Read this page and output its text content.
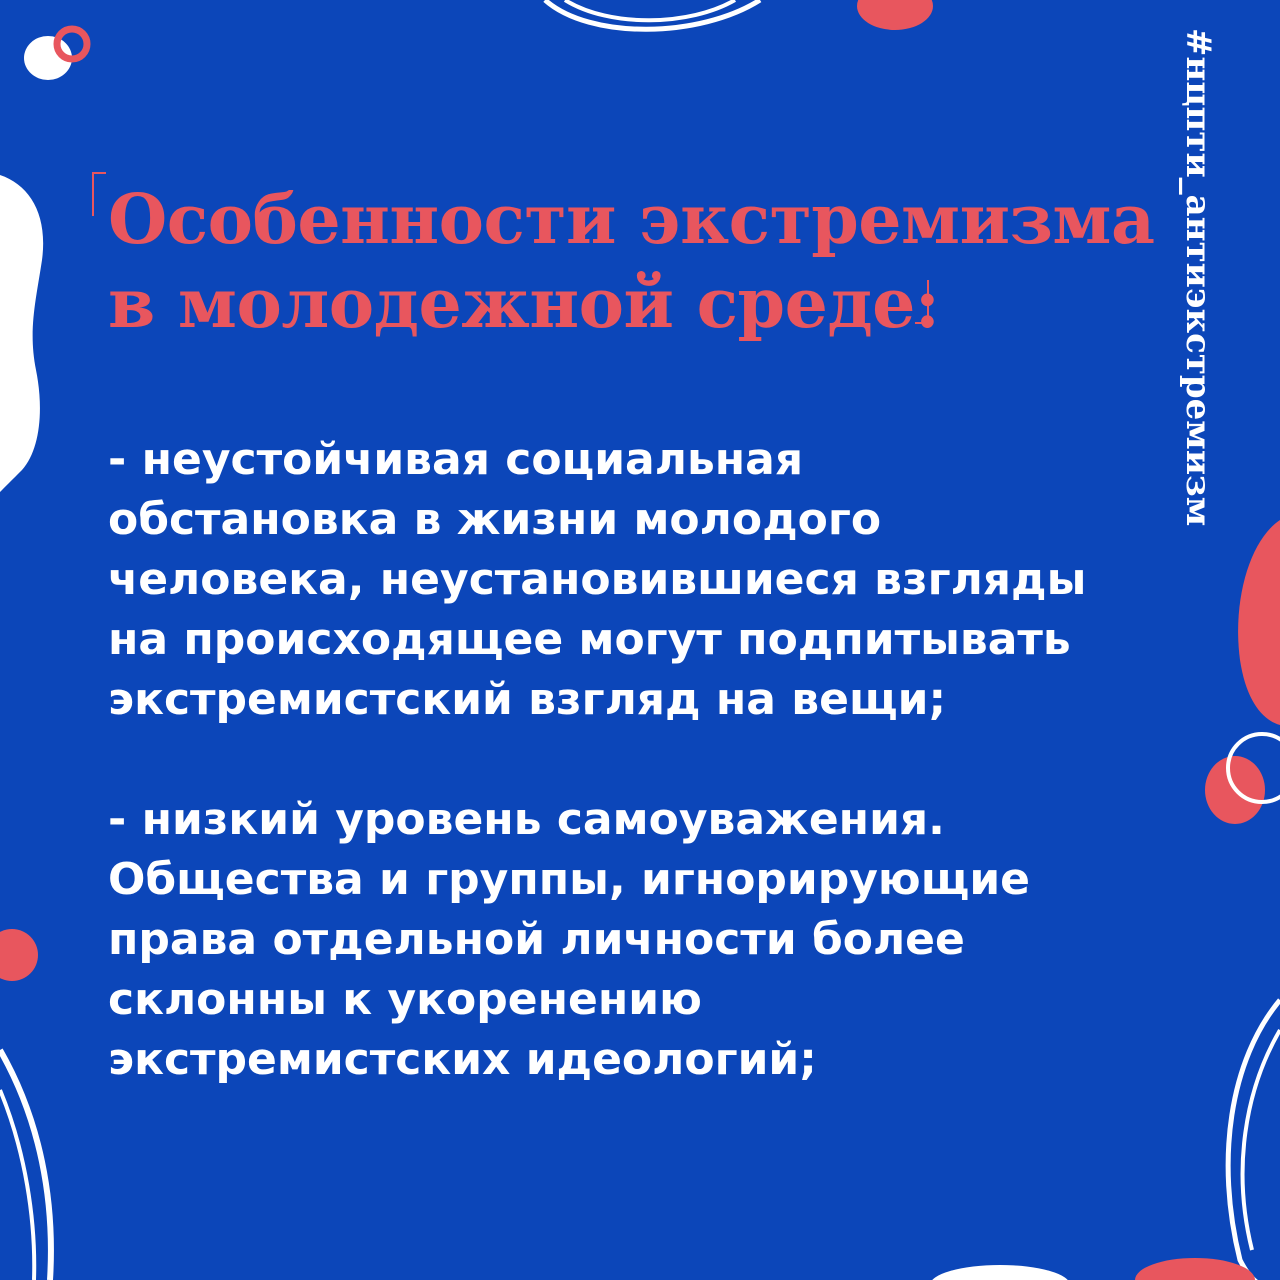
Особенности экстремизма
в молодежной среде:

- неустойчивая социальная
обстановка в жизни молодого
человека, неустановившиеся взгляды
на происходящее могут подпитывать
экстремистский взгляд на вещи;

- низкий уровень самоуважения.
Общества и группы, игнорирующие
права отдельной личности более
склонны к укоренению
экстремистских идеологий;

#нцпти_антиэкстремизм
